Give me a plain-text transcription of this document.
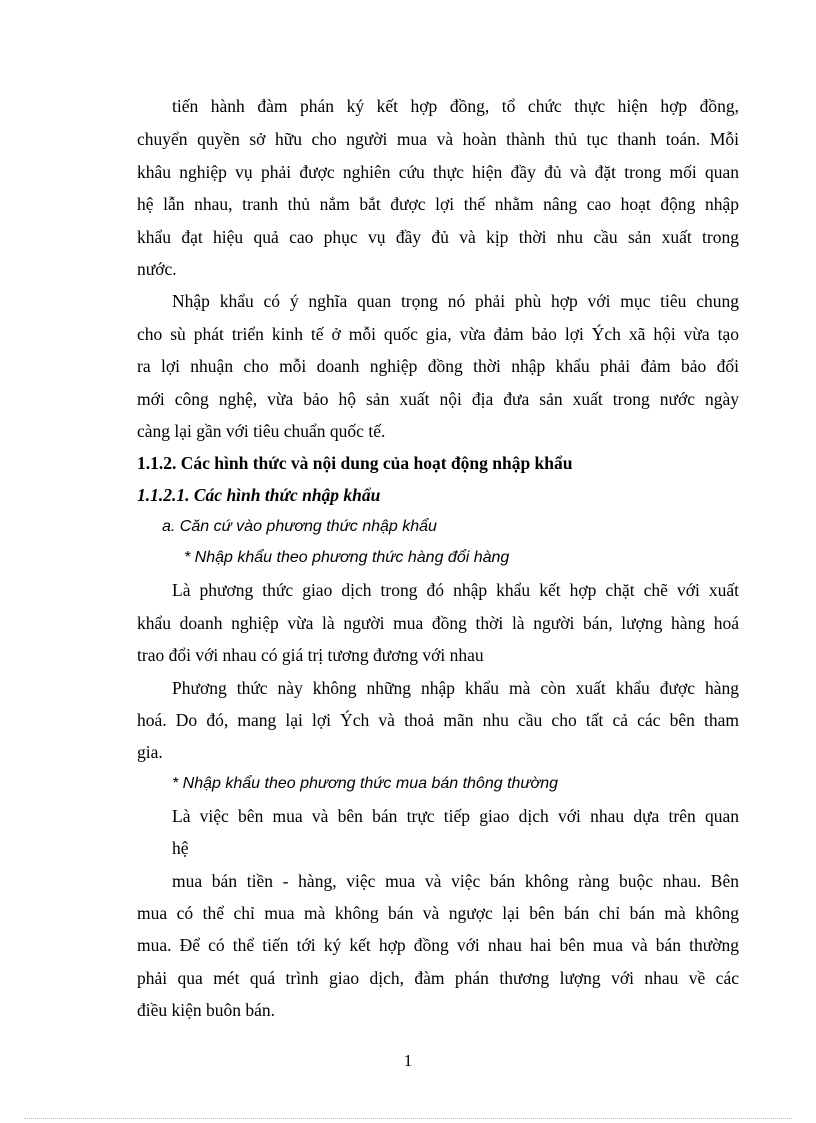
tiến hành đàm phán ký kết hợp đồng, tổ chức thực hiện hợp đồng,
chuyển quyền sở hữu cho người mua và hoàn thành thủ tục thanh toán. Mỗi
khâu nghiệp vụ phải được nghiên cứu thực hiện đầy đủ và đặt trong mối quan
hệ lẫn nhau, tranh thủ nắm bắt được lợi thế nhằm nâng cao hoạt động nhập
khẩu đạt hiệu quả cao phục vụ đầy đủ và kịp thời nhu cầu sản xuất trong
nước.
Nhập khẩu có ý nghĩa quan trọng nó phải phù hợp với mục tiêu chung
cho sù phát triển kinh tế ở mỗi quốc gia, vừa đảm bảo lợi Ých xã hội vừa tạo
ra lợi nhuận cho mỗi doanh nghiệp đồng thời nhập khẩu phải đảm bảo đổi
mới công nghệ, vừa bảo hộ sản xuất nội địa đưa sản xuất trong nước ngày
càng lại gần với tiêu chuẩn quốc tế.
1.1.2. Các hình thức và nội dung của hoạt động nhập khẩu
1.1.2.1. Các hình thức nhập khẩu
a. Căn cứ vào phương thức nhập khẩu
* Nhập khẩu theo phương thức hàng đổi hàng
Là phương thức giao dịch trong đó nhập khẩu kết hợp chặt chẽ với xuất
khẩu doanh nghiệp vừa là người mua đồng thời là người bán, lượng hàng hoá
trao đổi với nhau có giá trị tương đương với nhau
Phương thức này không những nhập khẩu mà còn xuất khẩu được hàng
hoá. Do đó, mang lại lợi Ých và thoả mãn nhu cầu cho tất cả các bên tham
gia.
* Nhập khẩu theo phương thức mua bán thông thường
Là việc bên mua và bên bán trực tiếp giao dịch với nhau dựa trên quan
hệ
mua bán tiền - hàng, việc mua và việc bán không ràng buộc nhau. Bên
mua có thể chỉ mua mà không bán và ngược lại bên bán chỉ bán mà không
mua. Để có thể tiến tới ký kết hợp đồng với nhau hai bên mua và bán thường
phải qua mét quá trình giao dịch, đàm phán thương lượng với nhau về các
điều kiện buôn bán.
1
